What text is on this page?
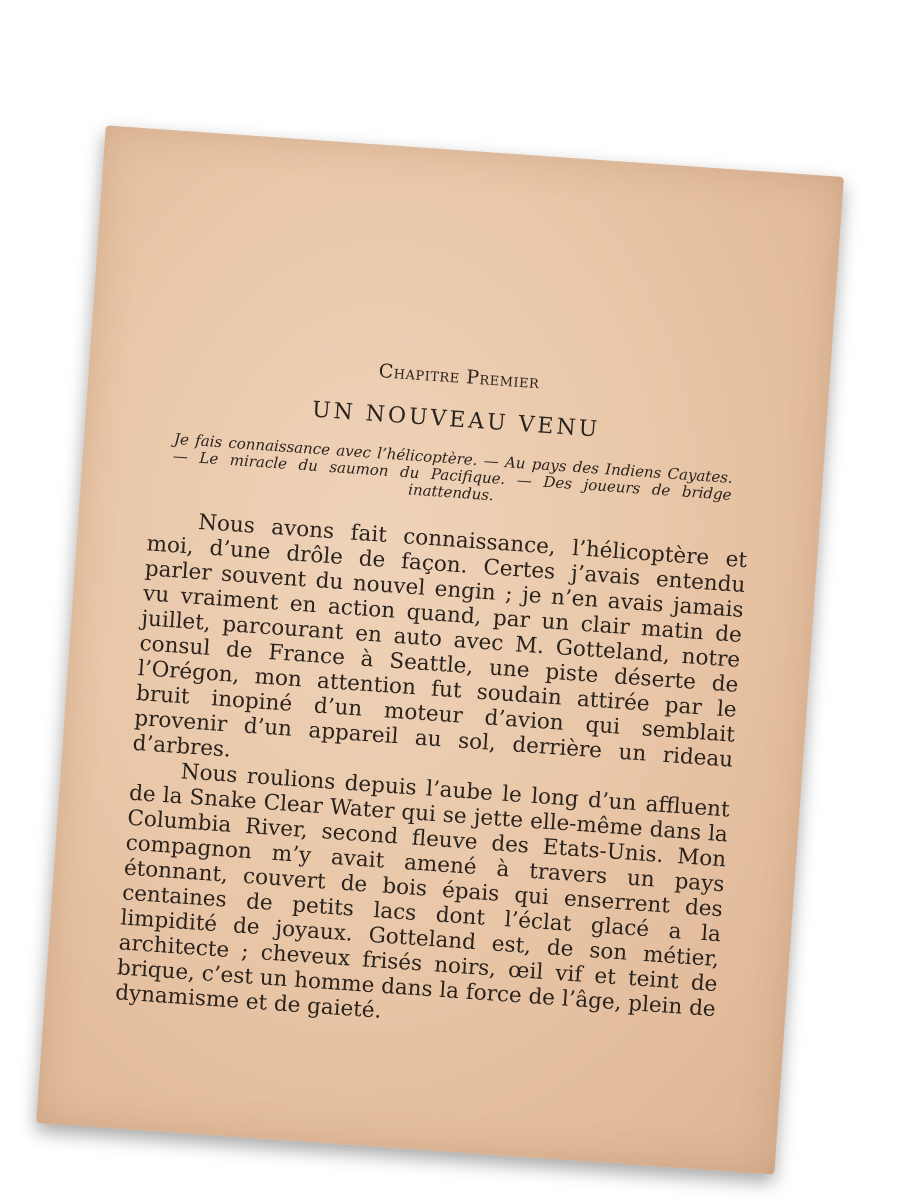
Chapitre Premier
UN NOUVEAU VENU
Je fais connaissance avec l’hélicoptère. — Au pays des Indiens Cayates. — Le miracle du saumon du Pacifique. — Des joueurs de bridge inattendus.

Nous avons fait connaissance, l’hélicoptère et moi, d’une drôle de façon. Certes j’avais entendu parler souvent du nouvel engin ; je n’en avais jamais vu vraiment en action quand, par un clair matin de juillet, parcourant en auto avec M. Gotteland, notre consul de France à Seattle, une piste déserte de l’Orégon, mon attention fut soudain attirée par le bruit inopiné d’un moteur d’avion qui semblait provenir d’un appareil au sol, derrière un rideau d’arbres.

Nous roulions depuis l’aube le long d’un affluent de la Snake Clear Water qui se jette elle-même dans la Columbia River, second fleuve des Etats-Unis. Mon compagnon m’y avait amené à travers un pays étonnant, couvert de bois épais qui enserrent des centaines de petits lacs dont l’éclat glacé a la limpidité de joyaux. Gotteland est, de son métier, architecte ; cheveux frisés noirs, œil vif et teint de brique, c’est un homme dans la force de l’âge, plein de dynamisme et de gaieté.
